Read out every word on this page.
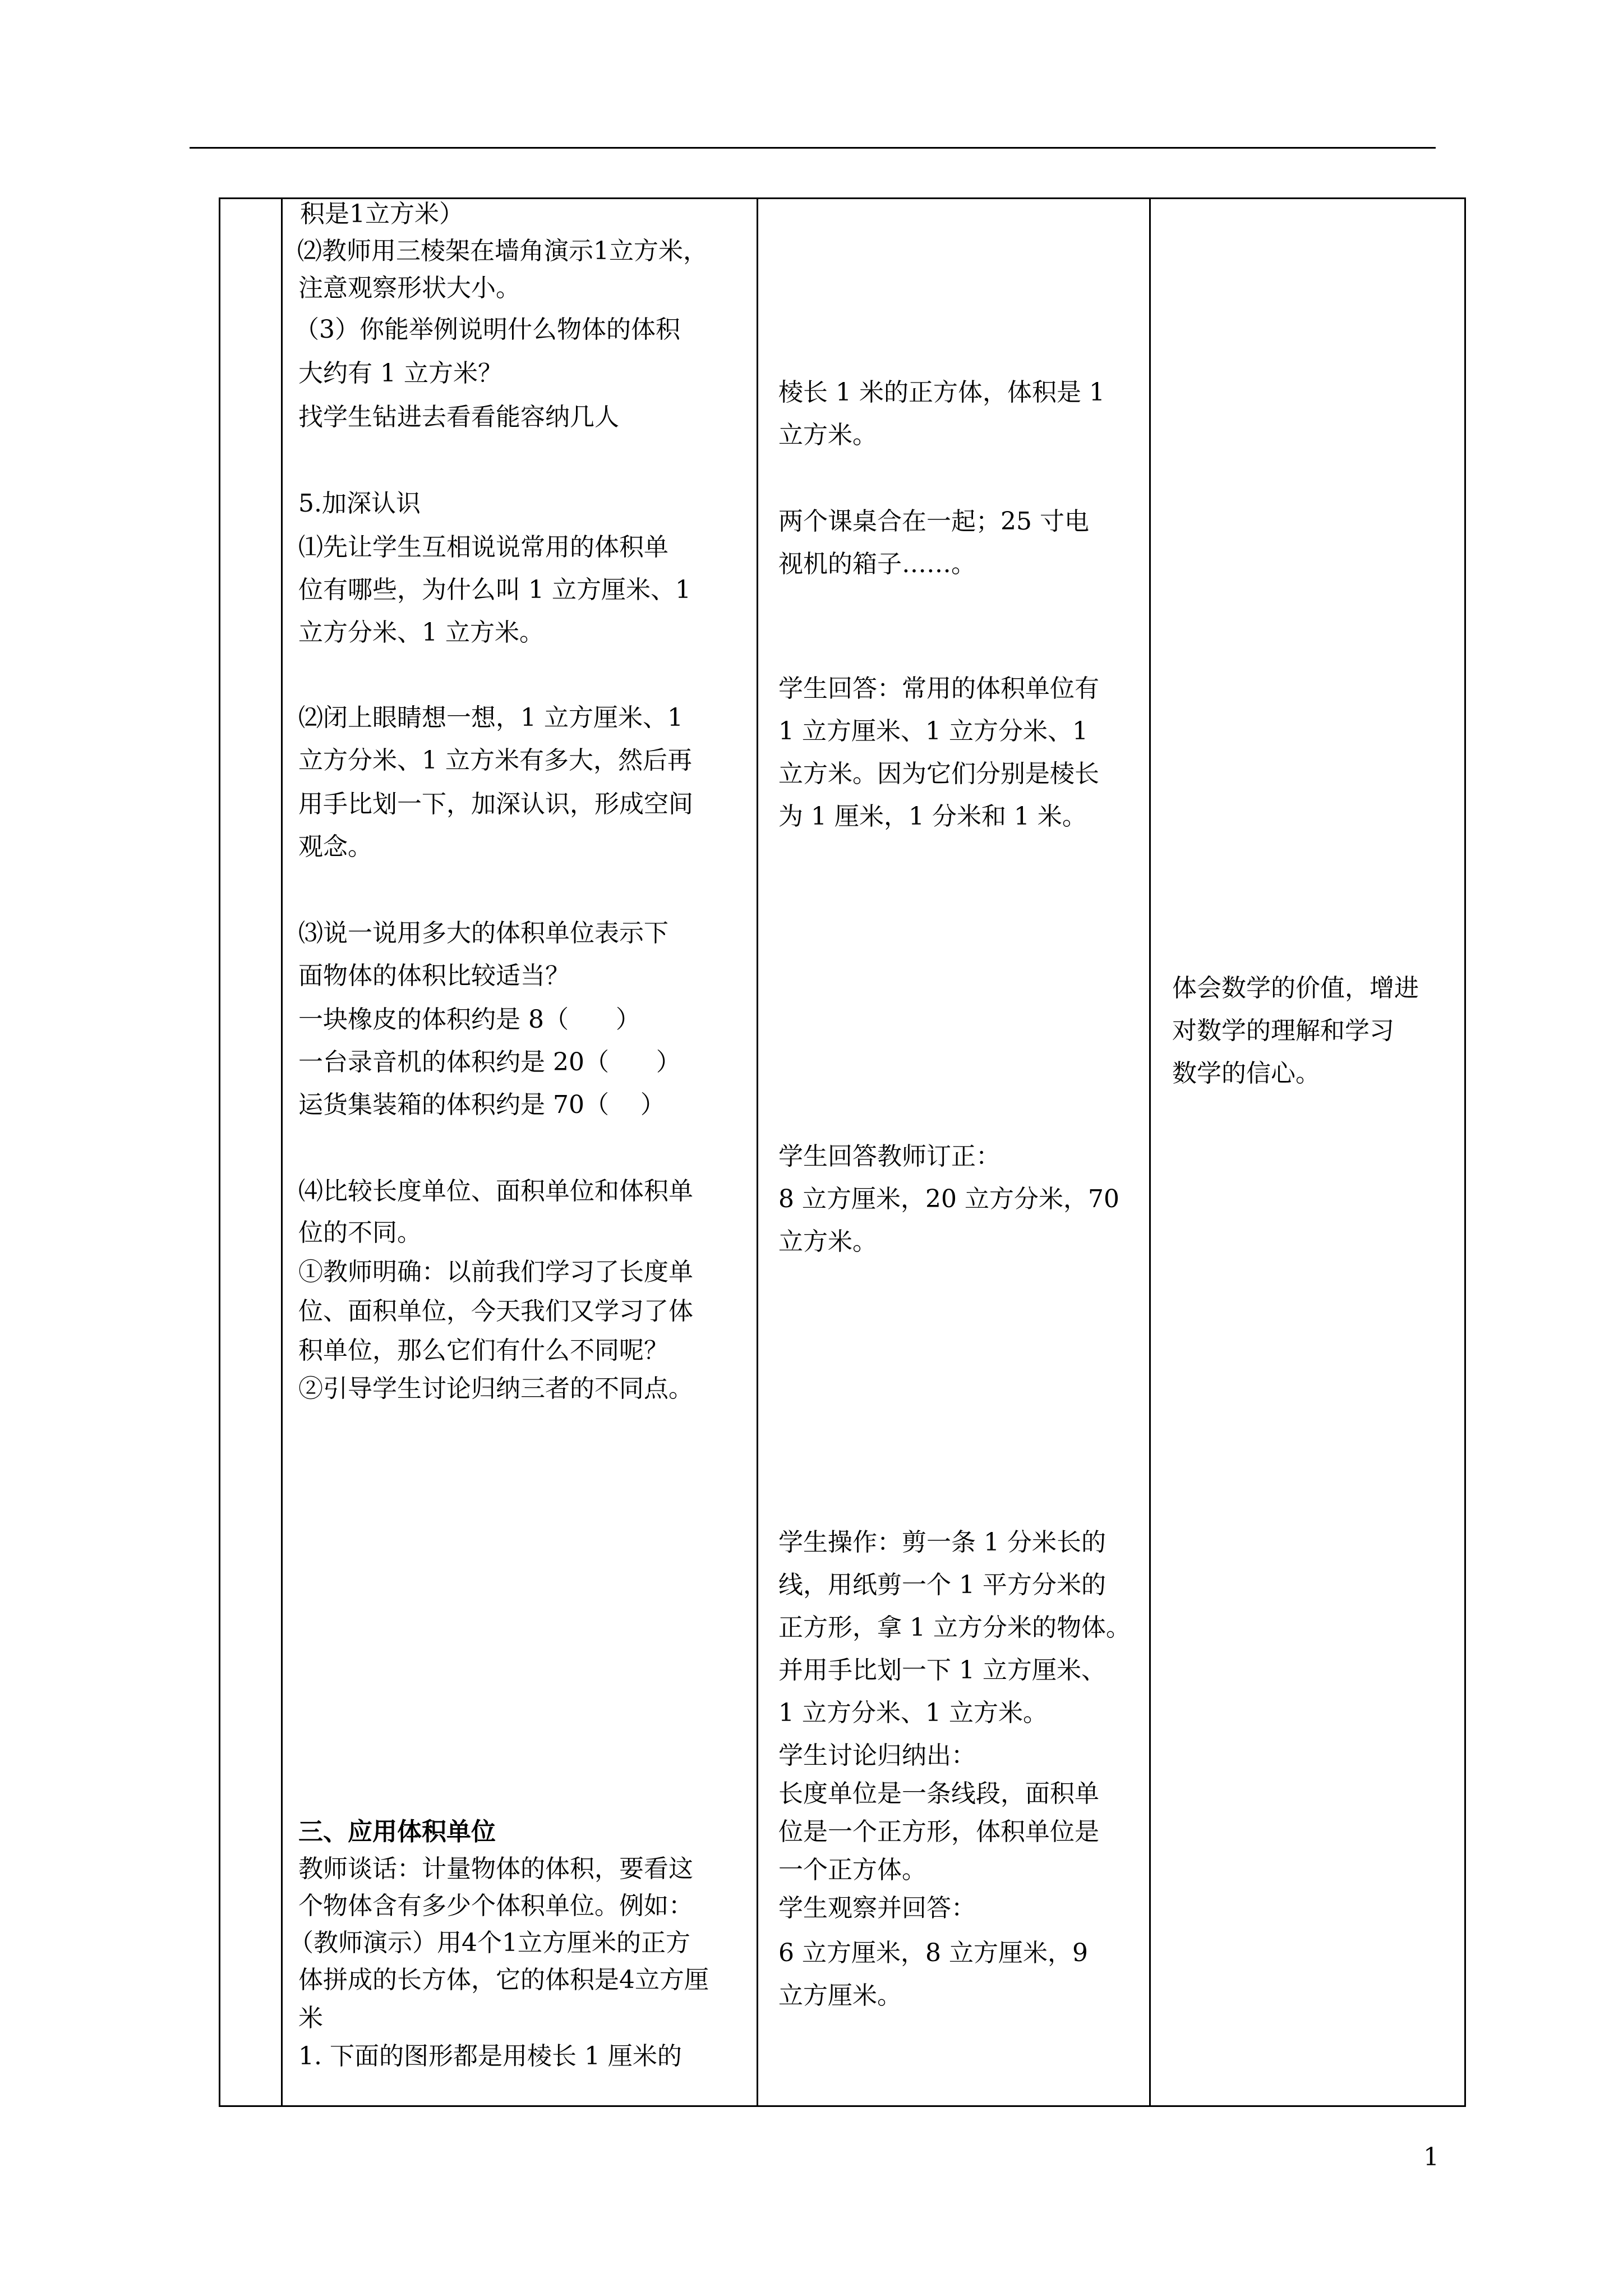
积是1立方米）
⑵教师用三棱架在墙角演示1立方米，
注意观察形状大小。
（3）你能举例说明什么物体的体积
大约有 1 立方米？
找学生钻进去看看能容纳几人
5.加深认识
⑴先让学生互相说说常用的体积单
位有哪些，为什么叫 1 立方厘米、1
立方分米、1 立方米。
⑵闭上眼睛想一想，1 立方厘米、1
立方分米、1 立方米有多大，然后再
用手比划一下，加深认识，形成空间
观念。
⑶说一说用多大的体积单位表示下
面物体的体积比较适当？
一块橡皮的体积约是 8（      ）
一台录音机的体积约是 20（      ）
运货集装箱的体积约是 70（    ）
⑷比较长度单位、面积单位和体积单
位的不同。
①教师明确：以前我们学习了长度单
位、面积单位，今天我们又学习了体
积单位，那么它们有什么不同呢？
②引导学生讨论归纳三者的不同点。
三、应用体积单位
教师谈话：计量物体的体积，要看这
个物体含有多少个体积单位。例如：
（教师演示）用4个1立方厘米的正方
体拼成的长方体，它的体积是4立方厘
米
1. 下面的图形都是用棱长 1 厘米的
棱长 1 米的正方体，体积是 1
立方米。
两个课桌合在一起；25 寸电
视机的箱子……。
学生回答：常用的体积单位有
1 立方厘米、1 立方分米、1
立方米。因为它们分别是棱长
为 1 厘米，1 分米和 1 米。
学生回答教师订正：
8 立方厘米，20 立方分米，70
立方米。
学生操作：剪一条 1 分米长的
线，用纸剪一个 1 平方分米的
正方形，拿 1 立方分米的物体。
并用手比划一下 1 立方厘米、
1 立方分米、1 立方米。
学生讨论归纳出：
长度单位是一条线段，面积单
位是一个正方形，体积单位是
一个正方体。
学生观察并回答：
6 立方厘米，8 立方厘米，9
立方厘米。
体会数学的价值，增进
对数学的理解和学习
数学的信心。
1
